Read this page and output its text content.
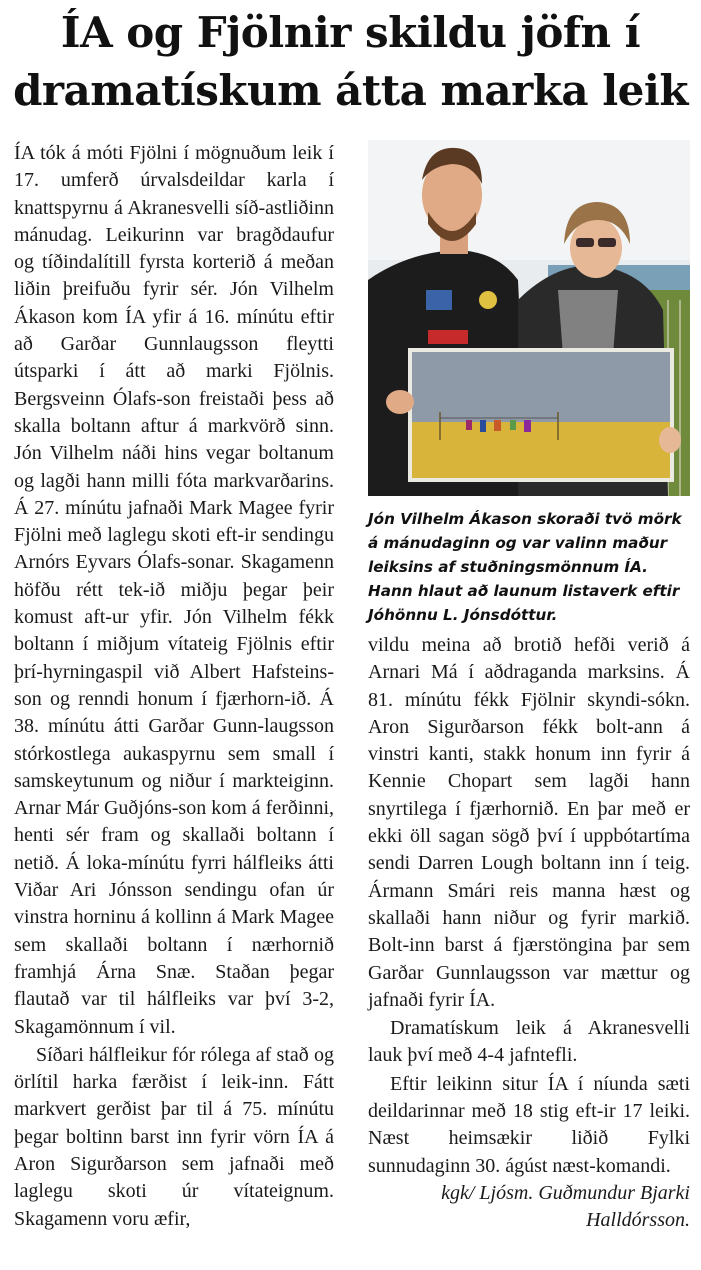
ÍA og Fjölnir skildu jöfn í
dramatískum átta marka leik

ÍA tók á móti Fjölni í mögnuðum leik í 17. umferð úrvalsdeildar karla í knattspyrnu á Akranesvelli síð-astliðinn mánudag. Leikurinn var bragðdaufur og tíðindalítill fyrsta korterið á meðan liðin þreifuðu fyrir sér. Jón Vilhelm Ákason kom ÍA yfir á 16. mínútu eftir að Garðar Gunnlaugsson fleytti útsparki í átt að marki Fjölnis. Bergsveinn Ólafs-son freistaði þess að skalla boltann aftur á markvörð sinn. Jón Vilhelm náði hins vegar boltanum og lagði hann milli fóta markvarðarins. Á 27. mínútu jafnaði Mark Magee fyrir Fjölni með laglegu skoti eft-ir sendingu Arnórs Eyvars Ólafs-sonar. Skagamenn höfðu rétt tek-ið miðju þegar þeir komust aft-ur yfir. Jón Vilhelm fékk boltann í miðjum vítateig Fjölnis eftir þrí-hyrningaspil við Albert Hafsteins-son og renndi honum í fjærhorn-ið. Á 38. mínútu átti Garðar Gunn-laugsson stórkostlega aukaspyrnu sem small í samskeytunum og niður í markteiginn. Arnar Már Guðjóns-son kom á ferðinni, henti sér fram og skallaði boltann í netið. Á loka-mínútu fyrri hálfleiks átti Viðar Ari Jónsson sendingu ofan úr vinstra horninu á kollinn á Mark Magee sem skallaði boltann í nærhornið framhjá Árna Snæ. Staðan þegar flautað var til hálfleiks var því 3-2, Skagamönnum í vil.

Síðari hálfleikur fór rólega af stað og örlítil harka færðist í leik-inn. Fátt markvert gerðist þar til á 75. mínútu þegar boltinn barst inn fyrir vörn ÍA á Aron Sigurðarson sem jafnaði með laglegu skoti úr vítateignum. Skagamenn voru æfir,

Jón Vilhelm Ákason skoraði tvö mörk á mánudaginn og var valinn maður leiksins af stuðningsmönnum ÍA. Hann hlaut að launum listaverk eftir Jóhönnu L. Jónsdóttur.

vildu meina að brotið hefði verið á Arnari Má í aðdraganda marksins. Á 81. mínútu fékk Fjölnir skyndi-sókn. Aron Sigurðarson fékk bolt-ann á vinstri kanti, stakk honum inn fyrir á Kennie Chopart sem lagði hann snyrtilega í fjærhornið. En þar með er ekki öll sagan sögð því í uppbótartíma sendi Darren Lough boltann inn í teig. Ármann Smári reis manna hæst og skallaði hann niður og fyrir markið. Bolt-inn barst á fjærstöngina þar sem Garðar Gunnlaugsson var mættur og jafnaði fyrir ÍA.

Dramatískum leik á Akranesvelli lauk því með 4-4 jafntefli.

Eftir leikinn situr ÍA í níunda sæti deildarinnar með 18 stig eft-ir 17 leiki. Næst heimsækir liðið Fylki sunnudaginn 30. ágúst næst-komandi.

kgk/ Ljósm. Guðmundur Bjarki Halldórsson.
